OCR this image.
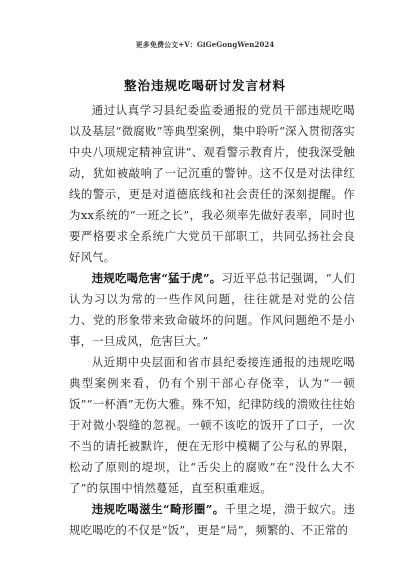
更多免费公文+V：GiGeGongWen2024
整治违规吃喝研讨发言材料

通过认真学习县纪委监委通报的党员干部违规吃喝以及基层“微腐败”等典型案例，集中聆听“深入贯彻落实中央八项规定精神宣讲”、观看警示教育片，使我深受触动，犹如被敲响了一记沉重的警钟。这不仅是对法律红线的警示，更是对道德底线和社会责任的深刻提醒。作为xx系统的“一班之长”，我必须率先做好表率，同时也要严格要求全系统广大党员干部职工，共同弘扬社会良好风气。

违规吃喝危害“猛于虎”。习近平总书记强调，“人们认为习以为常的一些作风问题，往往就是对党的公信力、党的形象带来致命破坏的问题。作风问题绝不是小事，一旦成风，危害巨大。”

从近期中央层面和省市县纪委接连通报的违规吃喝典型案例来看，仍有个别干部心存侥幸，认为“一顿饭”“一杯酒”无伤大雅。殊不知，纪律防线的溃败往往始于对微小裂缝的忽视。一顿不该吃的饭开了口子，一次不当的请托被默许，便在无形中模糊了公与私的界限，松动了原则的堤坝，让“舌尖上的腐败”在“没什么大不了”的氛围中悄然蔓延，直至积重难返。

违规吃喝滋生“畸形圈”。千里之堤，溃于蚁穴。违规吃喝吃的不仅是“饭”，更是“局”，频繁的、不正常的
